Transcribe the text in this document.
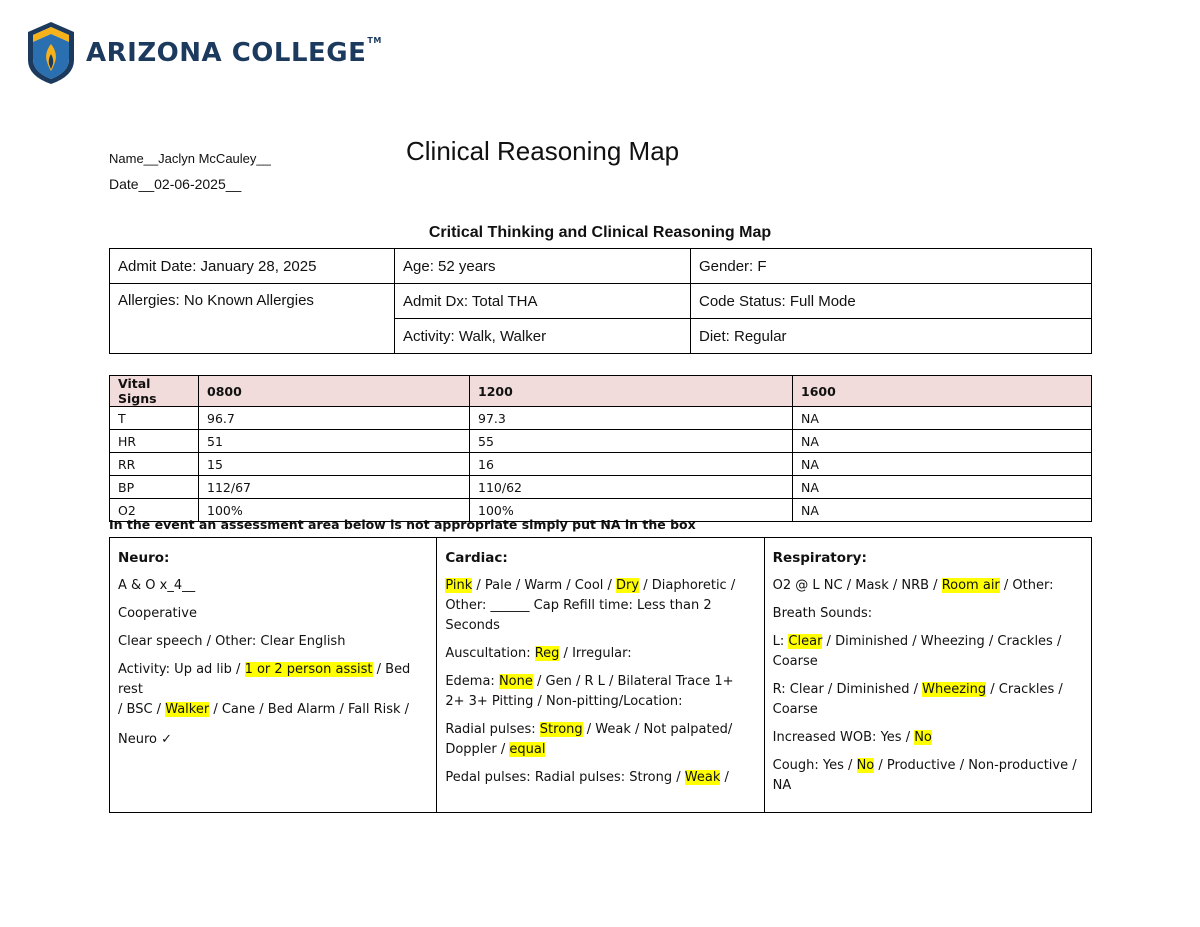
ARIZONA COLLEGE™
Name__Jaclyn McCauley__
Date__02-06-2025__
Clinical Reasoning Map
Critical Thinking and Clinical Reasoning Map
Admit Date: January 28, 2025	Age: 52 years	Gender: F
Allergies: No Known Allergies	Admit Dx: Total THA	Code Status: Full Mode
	Activity: Walk, Walker	Diet: Regular
Vital Signs	0800	1200	1600
T	96.7	97.3	NA
HR	51	55	NA
RR	15	16	NA
BP	112/67	110/62	NA
O2	100%	100%	NA
In the event an assessment area below is not appropriate simply put NA in the box
Neuro:

A & O x_4__

Cooperative

Clear speech / Other: Clear English

Activity: Up ad lib / 1 or 2 person assist / Bed rest

/ BSC / Walker / Cane / Bed Alarm / Fall Risk /

Neuro ✓

Cardiac:

Pink / Pale / Warm / Cool / Dry / Diaphoretic / Other: ______ Cap Refill time: Less than 2 Seconds

Auscultation: Reg / Irregular:

Edema: None / Gen / R L / Bilateral Trace 1+ 2+ 3+ Pitting / Non-pitting/Location:

Radial pulses: Strong / Weak / Not palpated/ Doppler / equal

Pedal pulses: Radial pulses: Strong / Weak /

Respiratory:

O2 @ L NC / Mask / NRB / Room air / Other:

Breath Sounds:

L: Clear / Diminished / Wheezing / Crackles / Coarse

R: Clear / Diminished / Wheezing / Crackles / Coarse

Increased WOB: Yes / No

Cough: Yes / No / Productive / Non-productive / NA
